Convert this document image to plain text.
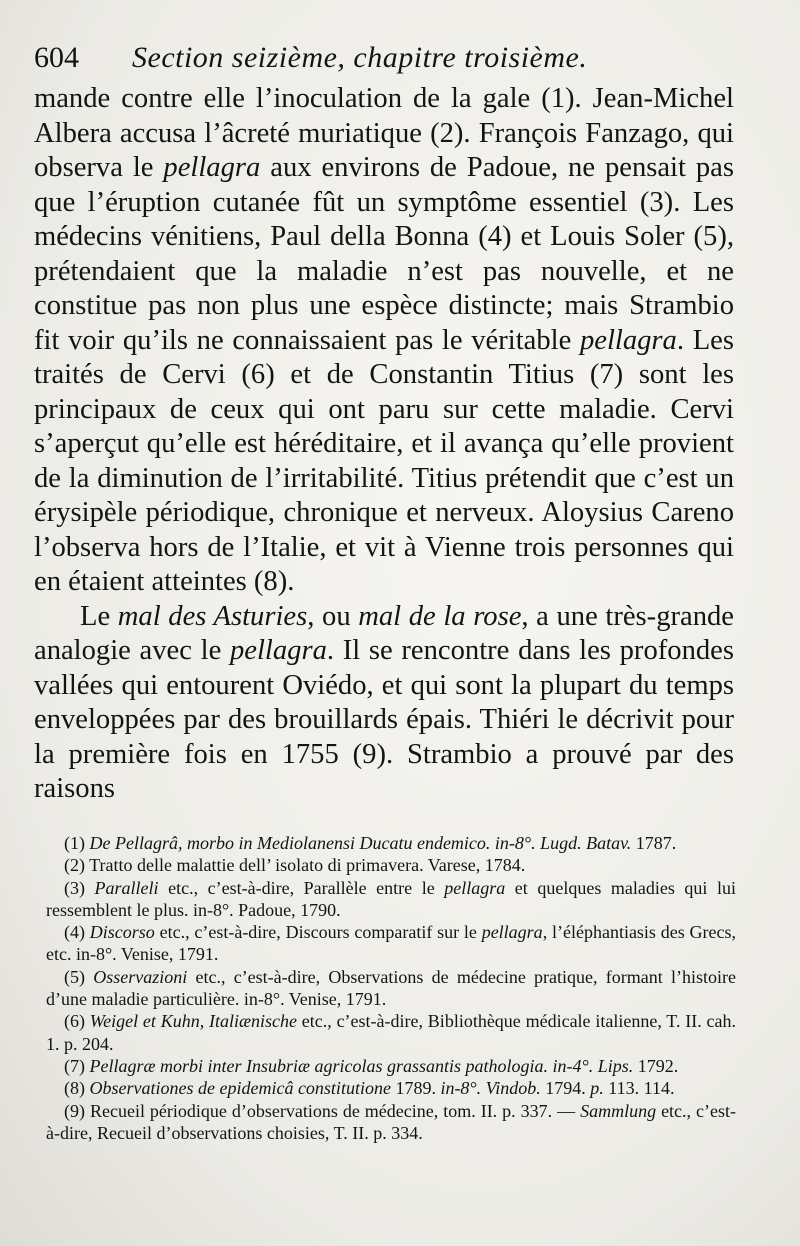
604 Section seizième, chapitre troisième.

mande contre elle l’inoculation de la gale (1). Jean-Michel Albera accusa l’âcreté muriatique (2). François Fanzago, qui observa le pellagra aux environs de Padoue, ne pensait pas que l’éruption cutanée fût un symptôme essentiel (3). Les médecins vénitiens, Paul della Bonna (4) et Louis Soler (5), prétendaient que la maladie n’est pas nouvelle, et ne constitue pas non plus une espèce distincte; mais Strambio fit voir qu’ils ne connaissaient pas le véritable pellagra. Les traités de Cervi (6) et de Constantin Titius (7) sont les principaux de ceux qui ont paru sur cette maladie. Cervi s’aperçut qu’elle est héréditaire, et il avança qu’elle provient de la diminution de l’irritabilité. Titius prétendit que c’est un érysipèle périodique, chronique et nerveux. Aloysius Careno l’observa hors de l’Italie, et vit à Vienne trois personnes qui en étaient atteintes (8).

Le mal des Asturies, ou mal de la rose, a une très-grande analogie avec le pellagra. Il se rencontre dans les profondes vallées qui entourent Oviédo, et qui sont la plupart du temps enveloppées par des brouillards épais. Thiéri le décrivit pour la première fois en 1755 (9). Strambio a prouvé par des raisons

(1) De Pellagrâ, morbo in Mediolanensi Ducatu endemico. in-8°. Lugd. Batav. 1787.

(2) Tratto delle malattie dell’ isolato di primavera. Varese, 1784.

(3) Paralleli etc., c’est-à-dire, Parallèle entre le pellagra et quelques maladies qui lui ressemblent le plus. in-8°. Padoue, 1790.

(4) Discorso etc., c’est-à-dire, Discours comparatif sur le pellagra, l’éléphantiasis des Grecs, etc. in-8°. Venise, 1791.

(5) Osservazioni etc., c’est-à-dire, Observations de médecine pratique, formant l’histoire d’une maladie particulière. in-8°. Venise, 1791.

(6) Weigel et Kuhn, Italiænische etc., c’est-à-dire, Bibliothèque médicale italienne, T. II. cah. 1. p. 204.

(7) Pellagræ morbi inter Insubriæ agricolas grassantis pathologia. in-4°. Lips. 1792.

(8) Observationes de epidemicâ constitutione 1789. in-8°. Vindob. 1794. p. 113. 114.

(9) Recueil périodique d’observations de médecine, tom. II. p. 337. — Sammlung etc., c’est-à-dire, Recueil d’observations choisies, T. II. p. 334.
